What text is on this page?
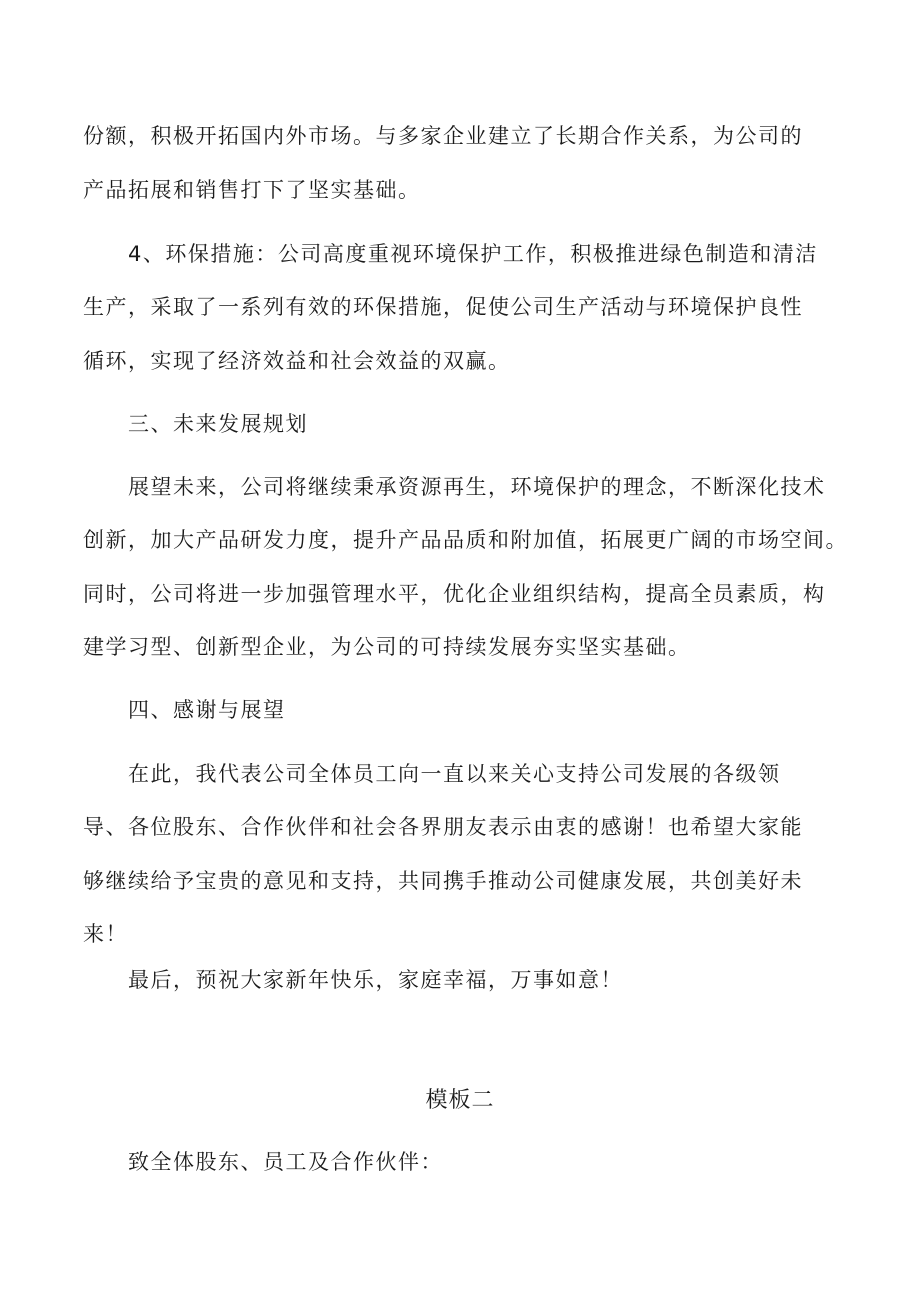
份额，积极开拓国内外市场。与多家企业建立了长期合作关系，为公司的
产品拓展和销售打下了坚实基础。
4、环保措施：公司高度重视环境保护工作，积极推进绿色制造和清洁
生产，采取了一系列有效的环保措施，促使公司生产活动与环境保护良性
循环，实现了经济效益和社会效益的双赢。
三、未来发展规划
展望未来，公司将继续秉承资源再生，环境保护的理念，不断深化技术
创新，加大产品研发力度，提升产品品质和附加值，拓展更广阔的市场空间。
同时，公司将进一步加强管理水平，优化企业组织结构，提高全员素质，构
建学习型、创新型企业，为公司的可持续发展夯实坚实基础。
四、感谢与展望
在此，我代表公司全体员工向一直以来关心支持公司发展的各级领
导、各位股东、合作伙伴和社会各界朋友表示由衷的感谢！也希望大家能
够继续给予宝贵的意见和支持，共同携手推动公司健康发展，共创美好未
来！
最后，预祝大家新年快乐，家庭幸福，万事如意！
模板二
致全体股东、员工及合作伙伴：
